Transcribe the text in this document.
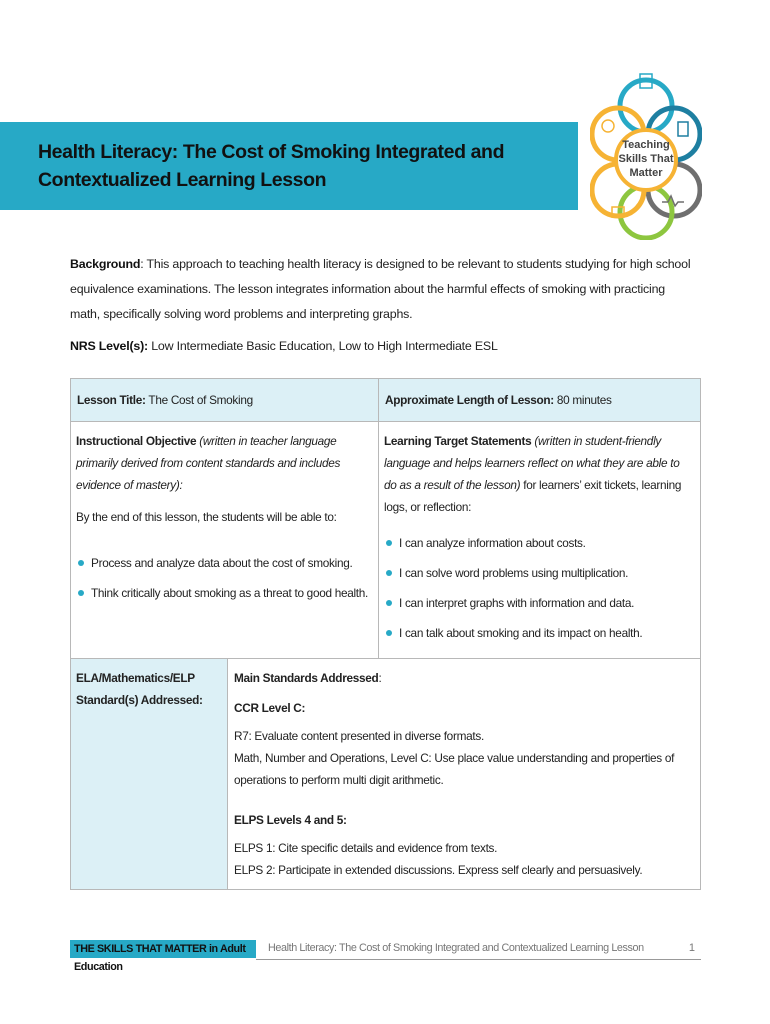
Health Literacy: The Cost of Smoking Integrated and Contextualized Learning Lesson
Teaching
Skills That
Matter
Background: This approach to teaching health literacy is designed to be relevant to students studying for high school equivalence examinations. The lesson integrates information about the harmful effects of smoking with practicing math, specifically solving word problems and interpreting graphs.
NRS Level(s): Low Intermediate Basic Education, Low to High Intermediate ESL
Lesson Title: The Cost of Smoking	Approximate Length of Lesson: 80 minutes

Instructional Objective (written in teacher language primarily derived from content standards and includes evidence of mastery):
By the end of this lesson, the students will be able to:
Process and analyze data about the cost of smoking.
Think critically about smoking as a threat to good health.

Learning Target Statements (written in student-friendly language and helps learners reflect on what they are able to do as a result of the lesson) for learners’ exit tickets, learning logs, or reflection:
I can analyze information about costs.
I can solve word problems using multiplication.
I can interpret graphs with information and data.
I can talk about smoking and its impact on health.

ELA/Mathematics/ELP Standard(s) Addressed:	

Main Standards Addressed:

CCR Level C:

R7: Evaluate content presented in diverse formats.

Math, Number and Operations, Level C: Use place value understanding and properties of operations to perform multi digit arithmetic.

ELPS Levels 4 and 5:

ELPS 1: Cite specific details and evidence from texts.

ELPS 2: Participate in extended discussions. Express self clearly and persuasively.

THE SKILLS THAT MATTER in Adult Education
Health Literacy: The Cost of Smoking Integrated and Contextualized Learning Lesson	1
